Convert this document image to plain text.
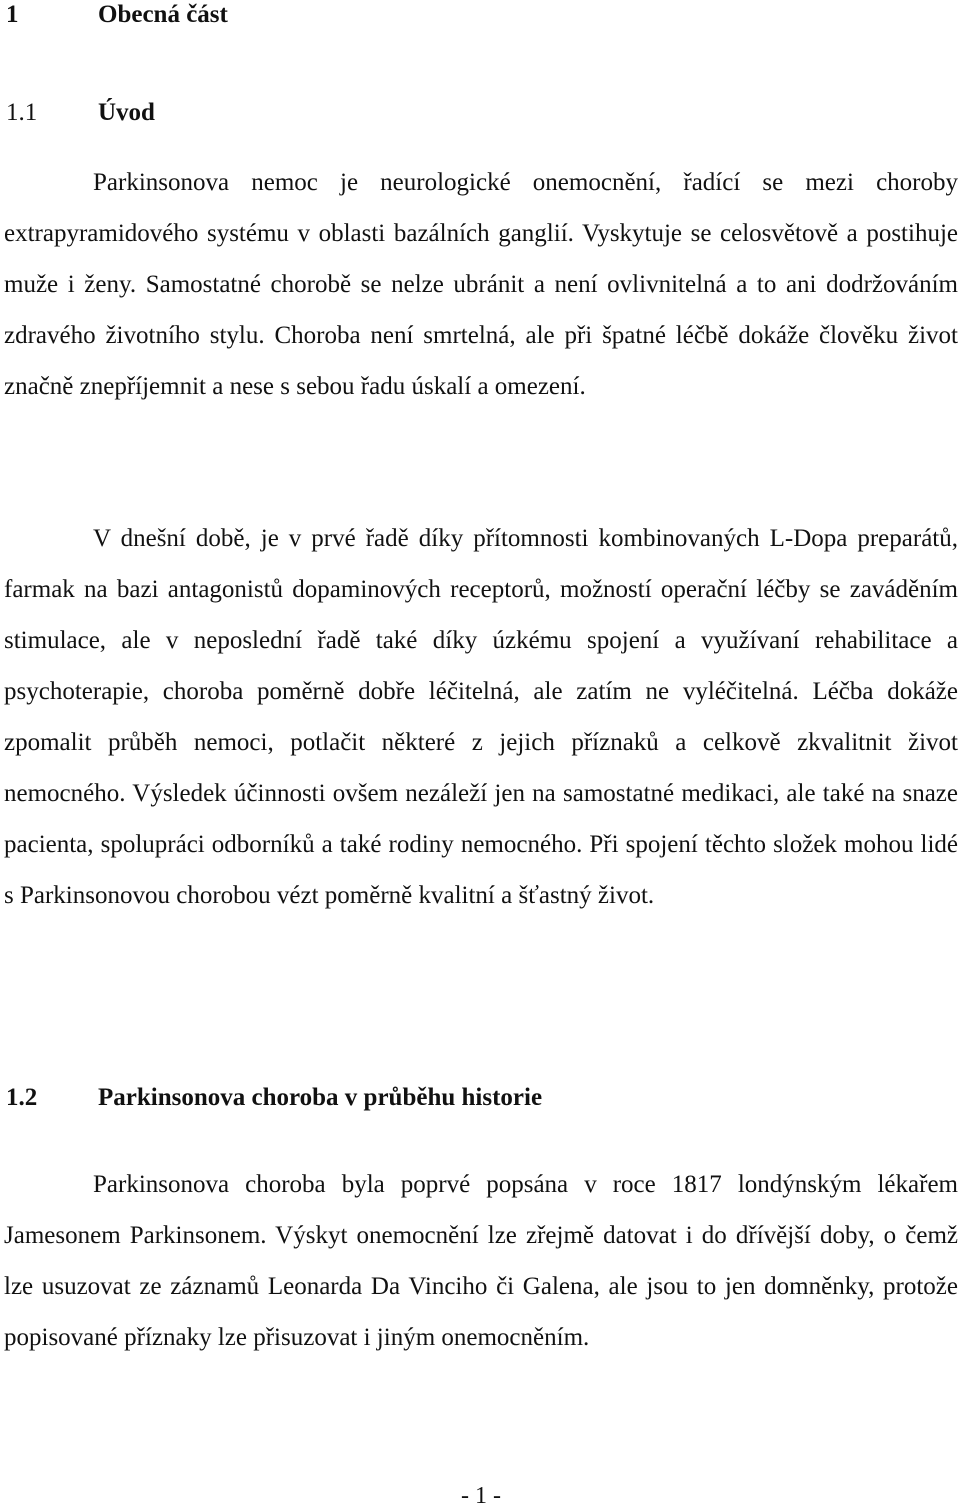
1	Obecná část
1.1 Úvod

Parkinsonova nemoc je neurologické onemocnění, řadící se mezi choroby extrapyramidového systému v oblasti bazálních ganglií. Vyskytuje se celosvětově a postihuje muže i ženy. Samostatné chorobě se nelze ubránit a není ovlivnitelná a to ani dodržováním zdravého životního stylu. Choroba není smrtelná, ale při špatné léčbě dokáže člověku život značně znepříjemnit a nese s sebou řadu úskalí a omezení.

V dnešní době, je v prvé řadě díky přítomnosti kombinovaných L-Dopa preparátů, farmak na bazi antagonistů dopaminových receptorů, možností operační léčby se zaváděním stimulace, ale v neposlední řadě také díky úzkému spojení a využívaní rehabilitace a psychoterapie, choroba poměrně dobře léčitelná, ale zatím ne vyléčitelná. Léčba dokáže zpomalit průběh nemoci, potlačit některé z jejich příznaků a celkově zkvalitnit život nemocného. Výsledek účinnosti ovšem nezáleží jen na samostatné medikaci, ale také na snaze pacienta, spolupráci odborníků a také rodiny nemocného. Při spojení těchto složek mohou lidé s Parkinsonovou chorobou vézt poměrně kvalitní a šťastný život.

1.2 Parkinsonova choroba v průběhu historie

Parkinsonova choroba byla poprvé popsána v roce 1817 londýnským lékařem Jamesonem Parkinsonem. Výskyt onemocnění lze zřejmě datovat i do dřívější doby, o čemž lze usuzovat ze záznamů Leonarda Da Vinciho či Galena, ale jsou to jen domněnky, protože popisované příznaky lze přisuzovat i jiným onemocněním.

- 1 -
